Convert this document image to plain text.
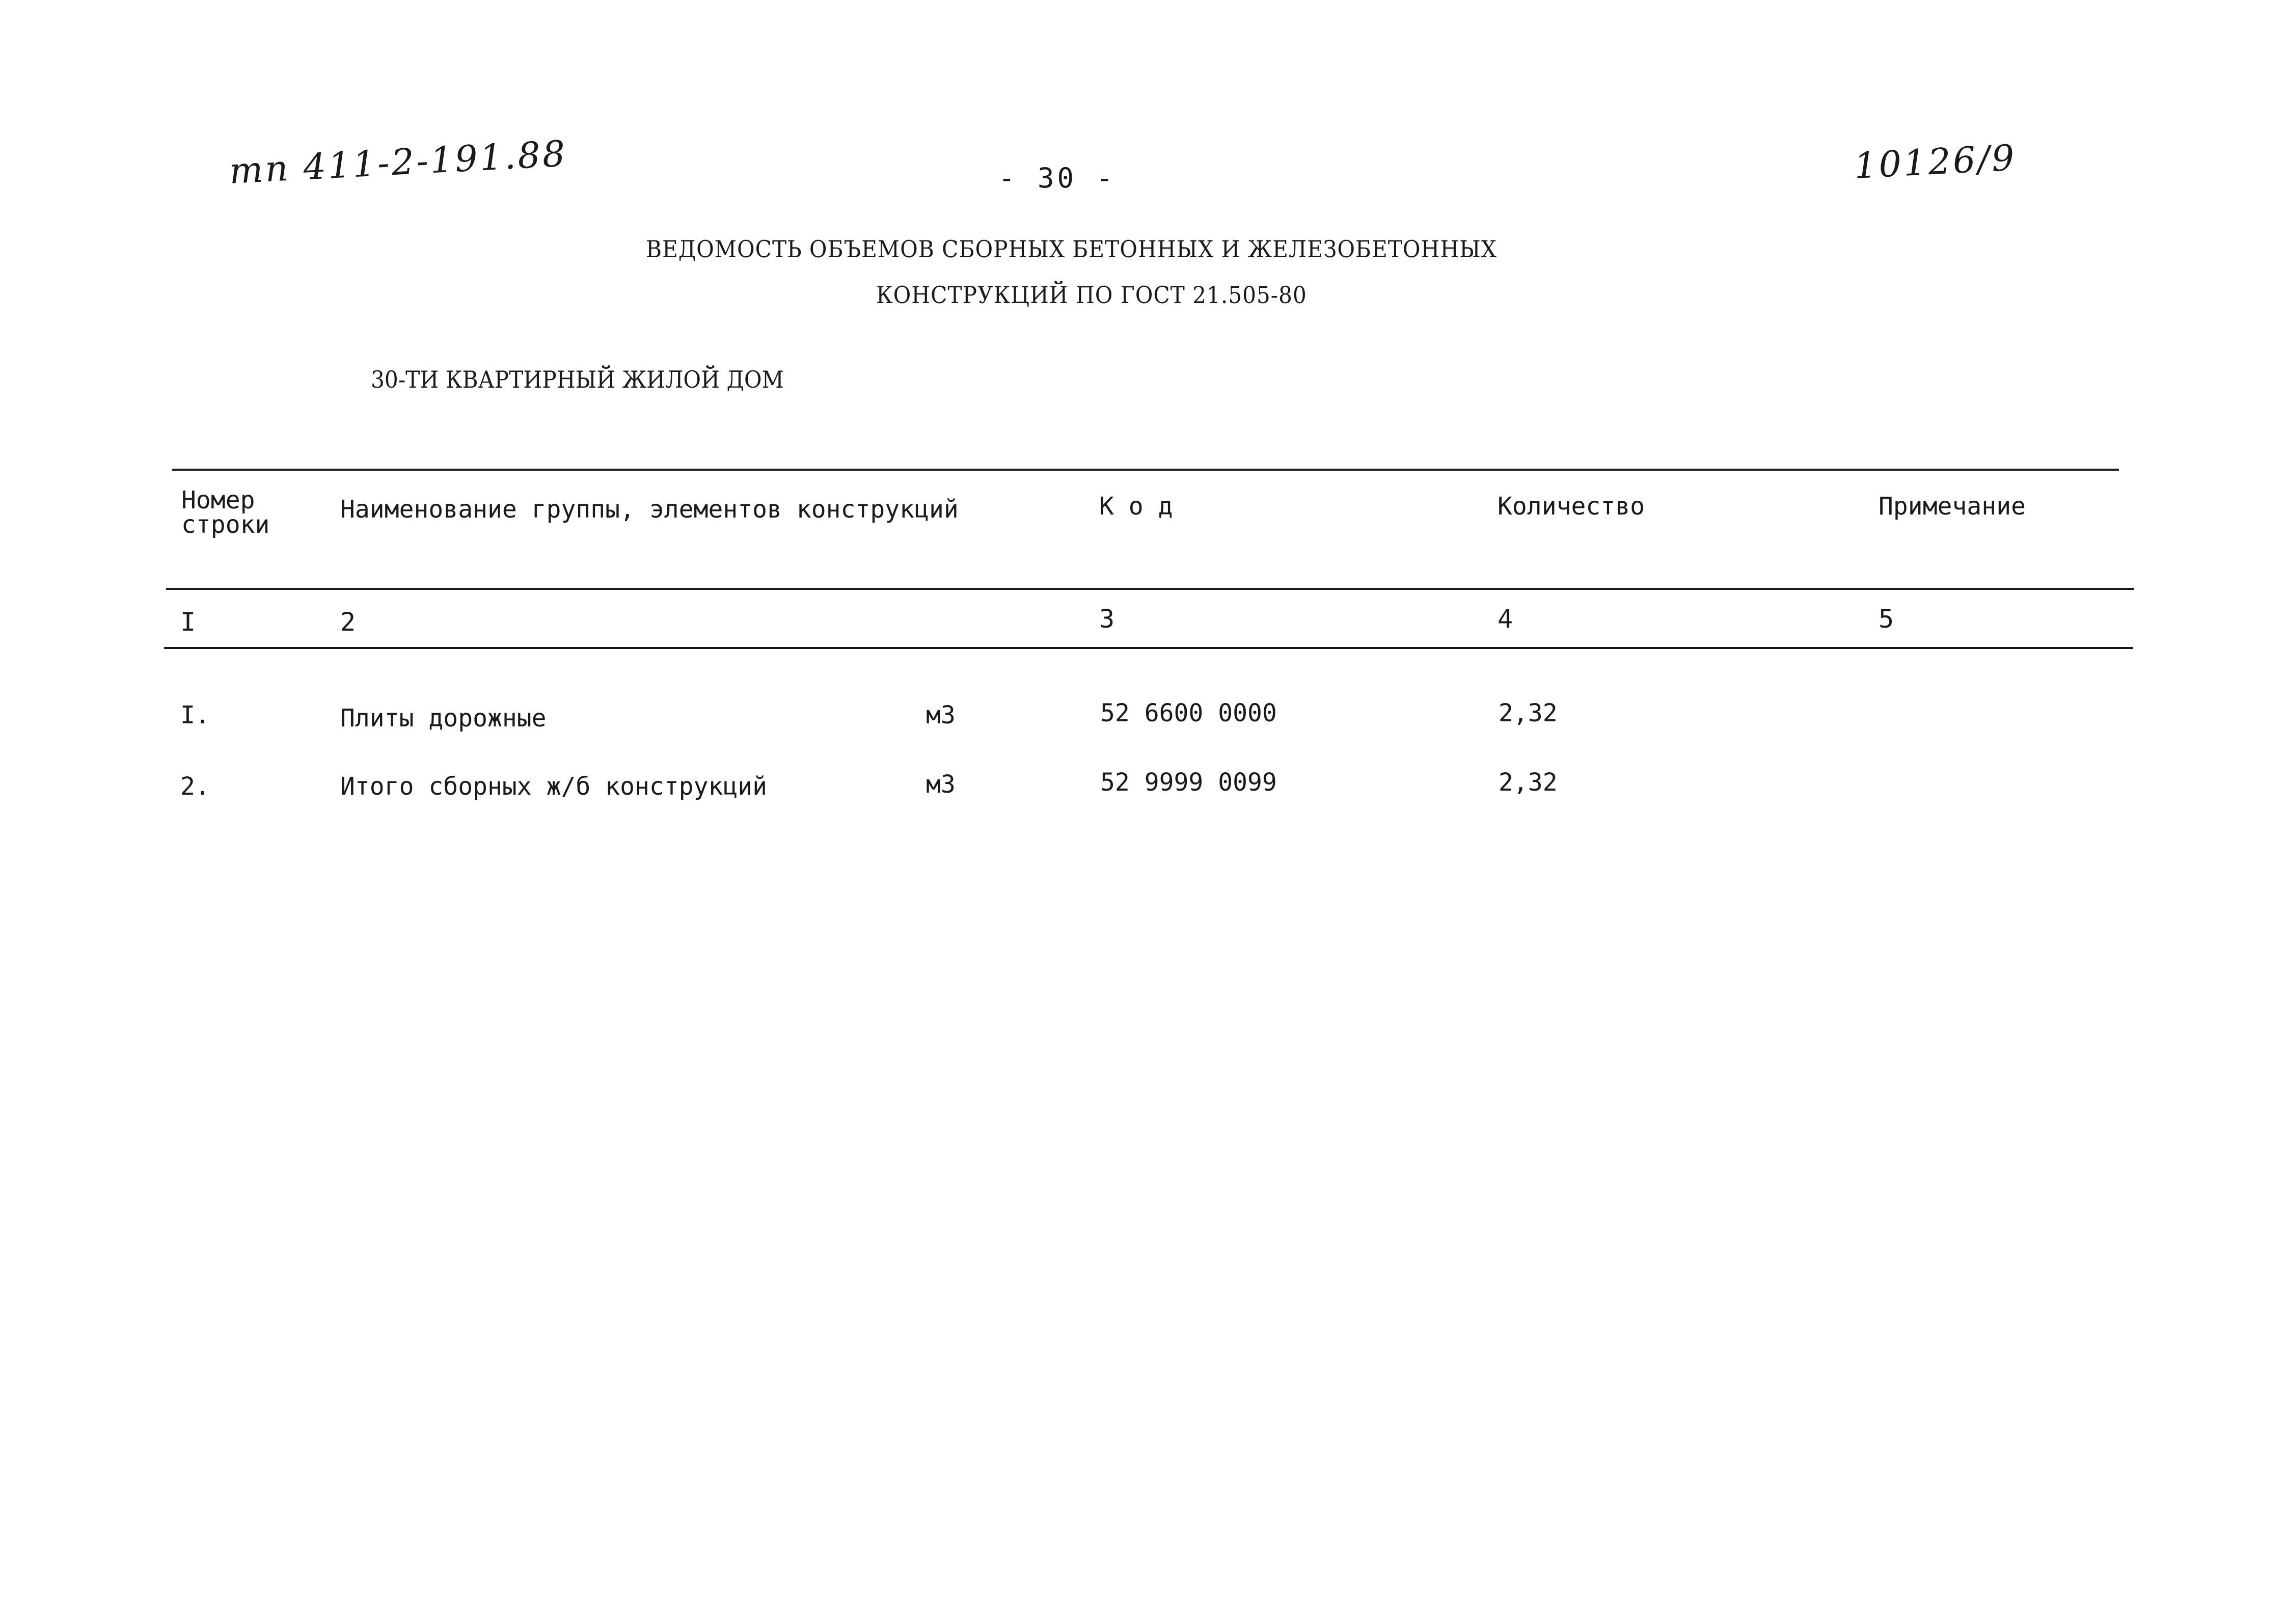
тп 411-2-191.88	- 30 -	10126/9
ВЕДОМОСТЬ ОБЪЕМОВ СБОРНЫХ БЕТОННЫХ И ЖЕЛЕЗОБЕТОННЫХ
КОНСТРУКЦИЙ ПО ГОСТ 21.505-80
30-ТИ КВАРТИРНЫЙ ЖИЛОЙ ДОМ
Номер
строки
Наименование группы, элементов конструкций	К о д	Количество	Примечание
I	2	3	4	5
I.	Плиты дорожные	м3	52 6600 0000	2,32
2.	Итого сборных ж/б конструкций	м3	52 9999 0099	2,32
